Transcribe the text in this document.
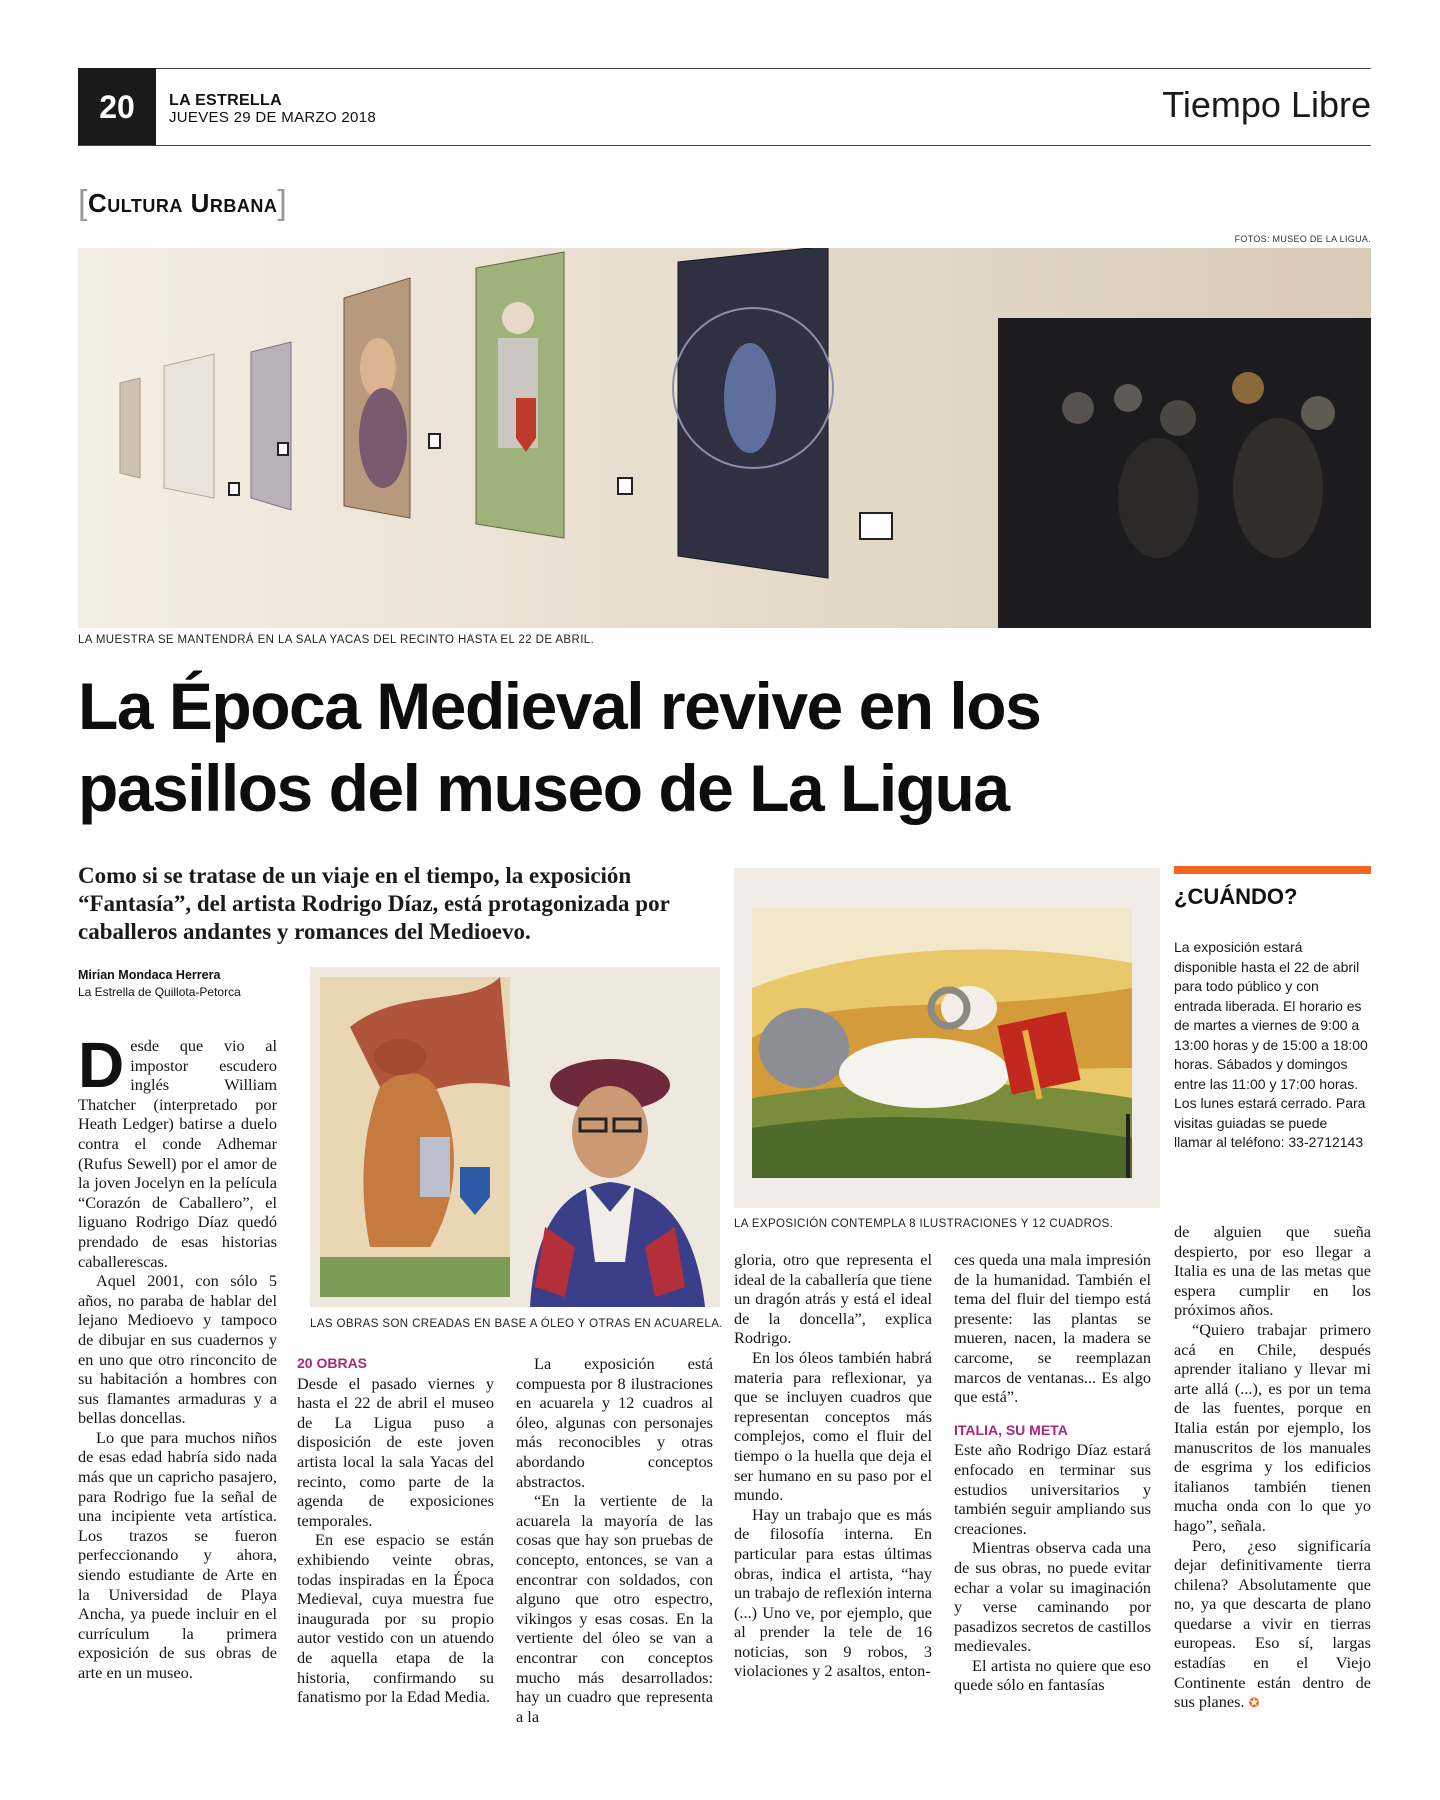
20	LA ESTRELLA
JUEVES 29 DE MARZO 2018	Tiempo Libre
[Cultura Urbana]
FOTOS: MUSEO DE LA LIGUA.
LA MUESTRA SE MANTENDRÁ EN LA SALA YACAS DEL RECINTO HASTA EL 22 DE ABRIL.
La Época Medieval revive en los
pasillos del museo de La Ligua

Como si se tratase de un viaje en el tiempo, la exposición “Fantasía”, del artista Rodrigo Díaz, está protagonizada por caballeros andantes y romances del Medioevo.

Mirian Mondaca Herrera
La Estrella de Quillota-Petorca
LA EXPOSICIÓN CONTEMPLA 8 ILUSTRACIONES Y 12 CUADROS.
LAS OBRAS SON CREADAS EN BASE A ÓLEO Y OTRAS EN ACUARELA.

Desde que vio al impostor escudero inglés William Thatcher (interpretado por Heath Ledger) batirse a duelo contra el conde Adhemar (Rufus Sewell) por el amor de la joven Jocelyn en la película “Corazón de Caballero”, el liguano Rodrigo Díaz quedó prendado de esas historias caballerescas.

Aquel 2001, con sólo 5 años, no paraba de hablar del lejano Medioevo y tampoco de dibujar en sus cuadernos y en uno que otro rinconcito de su habitación a hombres con sus flamantes armaduras y a bellas doncellas.

Lo que para muchos niños de esas edad habría sido nada más que un capricho pasajero, para Rodrigo fue la señal de una incipiente veta artística. Los trazos se fueron perfeccionando y ahora, siendo estudiante de Arte en la Universidad de Playa Ancha, ya puede incluir en el currículum la primera exposición de sus obras de arte en un museo.

20 OBRAS

Desde el pasado viernes y hasta el 22 de abril el museo de La Ligua puso a disposición de este joven artista local la sala Yacas del recinto, como parte de la agenda de exposiciones temporales.

En ese espacio se están exhibiendo veinte obras, todas inspiradas en la Época Medieval, cuya muestra fue inaugurada por su propio autor vestido con un atuendo de aquella etapa de la historia, confirmando su fanatismo por la Edad Media.

La exposición está compuesta por 8 ilustraciones en acuarela y 12 cuadros al óleo, algunas con personajes más reconocibles y otras abordando conceptos abstractos.

“En la vertiente de la acuarela la mayoría de las cosas que hay son pruebas de concepto, entonces, se van a encontrar con soldados, con alguno que otro espectro, vikingos y esas cosas. En la vertiente del óleo se van a encontrar con conceptos mucho más desarrollados: hay un cuadro que representa a la

gloria, otro que representa el ideal de la caballería que tiene un dragón atrás y está el ideal de la doncella”, explica Rodrigo.

En los óleos también habrá materia para reflexionar, ya que se incluyen cuadros que representan conceptos más complejos, como el fluir del tiempo o la huella que deja el ser humano en su paso por el mundo.

Hay un trabajo que es más de filosofía interna. En particular para estas últimas obras, indica el artista, “hay un trabajo de reflexión interna (...) Uno ve, por ejemplo, que al prender la tele de 16 noticias, son 9 robos, 3 violaciones y 2 asaltos, enton-

ces queda una mala impresión de la humanidad. También el tema del fluir del tiempo está presente: las plantas se mueren, nacen, la madera se carcome, se reemplazan marcos de ventanas... Es algo que está”.

ITALIA, SU META

Este año Rodrigo Díaz estará enfocado en terminar sus estudios universitarios y también seguir ampliando sus creaciones.

Mientras observa cada una de sus obras, no puede evitar echar a volar su imaginación y verse caminando por pasadizos secretos de castillos medievales.

El artista no quiere que eso quede sólo en fantasías

de alguien que sueña despierto, por eso llegar a Italia es una de las metas que espera cumplir en los próximos años.

“Quiero trabajar primero acá en Chile, después aprender italiano y llevar mi arte allá (...), es por un tema de las fuentes, porque en Italia están por ejemplo, los manuscritos de los manuales de esgrima y los edificios italianos también tienen mucha onda con lo que yo hago”, señala.

Pero, ¿eso significaría dejar definitivamente tierra chilena? Absolutamente que no, ya que descarta de plano quedarse a vivir en tierras europeas. Eso sí, largas estadías en el Viejo Continente están dentro de sus planes. ✪

¿CUÁNDO?
La exposición estará disponible hasta el 22 de abril para todo público y con entrada liberada. El horario es de martes a viernes de 9:00 a 13:00 horas y de 15:00 a 18:00 horas. Sábados y domingos entre las 11:00 y 17:00 horas. Los lunes estará cerrado. Para visitas guiadas se puede llamar al teléfono: 33-2712143
